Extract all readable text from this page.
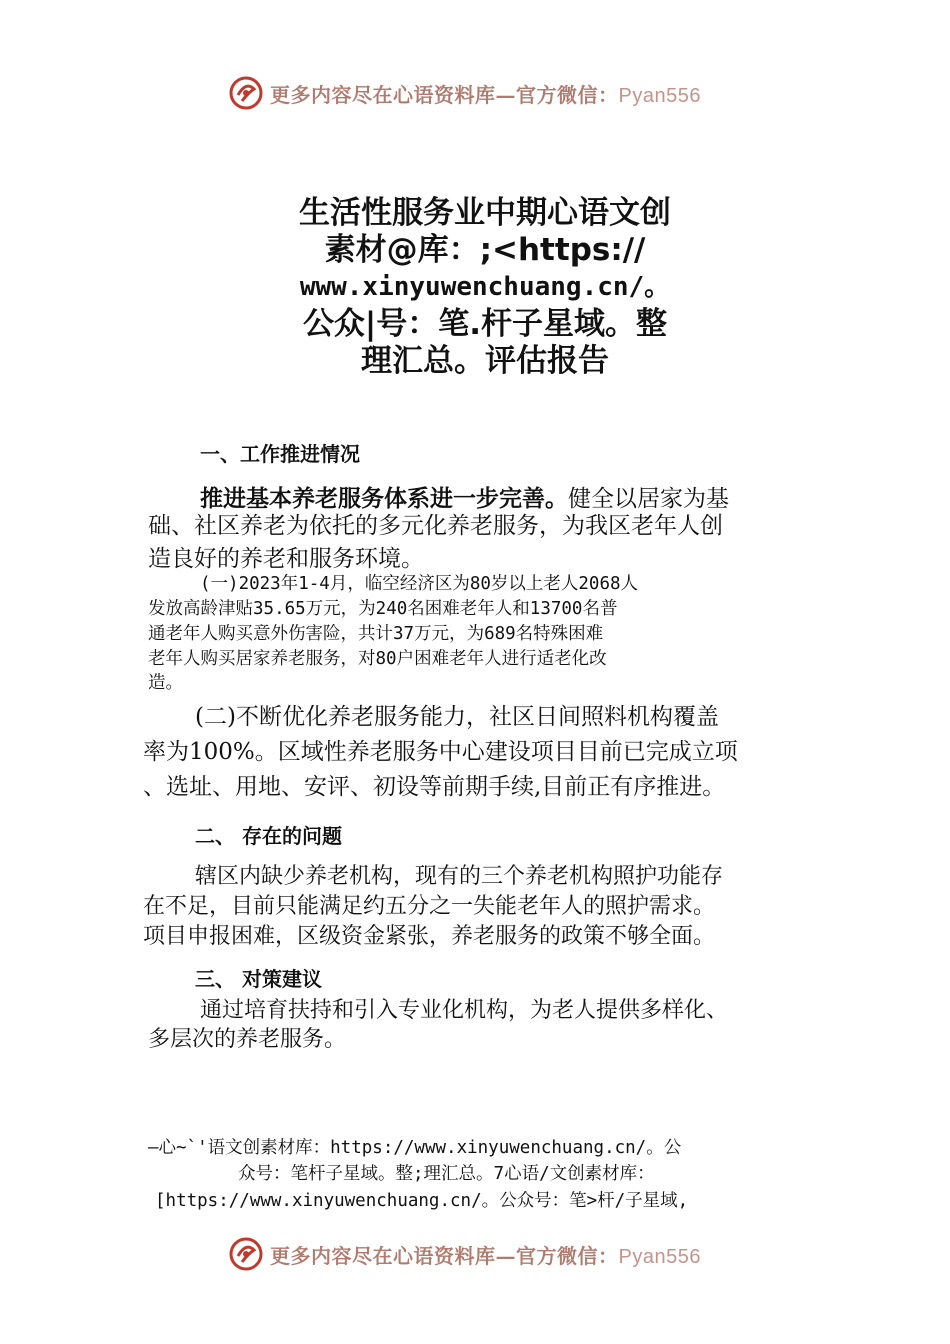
更多内容尽在心语资料库—官方微信：Pyan556
生活性服务业中期心语文创
素材@库：;<https://
www.xinyuwenchuang.cn/。
公众|号：笔.杆子星域。整
理汇总。评估报告
一、工作推进情况
推进基本养老服务体系进一步完善。健全以居家为基
础、社区养老为依托的多元化养老服务，为我区老年人创
造良好的养老和服务环境。
(一)2023年1-4月，临空经济区为80岁以上老人2068人
发放高龄津贴35.65万元，为240名困难老年人和13700名普
通老年人购买意外伤害险，共计37万元，为689名特殊困难
老年人购买居家养老服务，对80户困难老年人进行适老化改
造。
(二)不断优化养老服务能力，社区日间照料机构覆盖
率为100%。区域性养老服务中心建设项目目前已完成立项
、选址、用地、安评、初设等前期手续,目前正有序推进。
二、 存在的问题
辖区内缺少养老机构，现有的三个养老机构照护功能存
在不足，目前只能满足约五分之一失能老年人的照护需求。
项目申报困难，区级资金紧张，养老服务的政策不够全面。
三、 对策建议
通过培育扶持和引入专业化机构，为老人提供多样化、
多层次的养老服务。
—心~`'语文创素材库：https://www.xinyuwenchuang.cn/。公
众号：笔杆子星域。整;理汇总。7心语/文创素材库：
[https://www.xinyuwenchuang.cn/。公众号：笔>杆/子星域,
更多内容尽在心语资料库—官方微信：Pyan556
